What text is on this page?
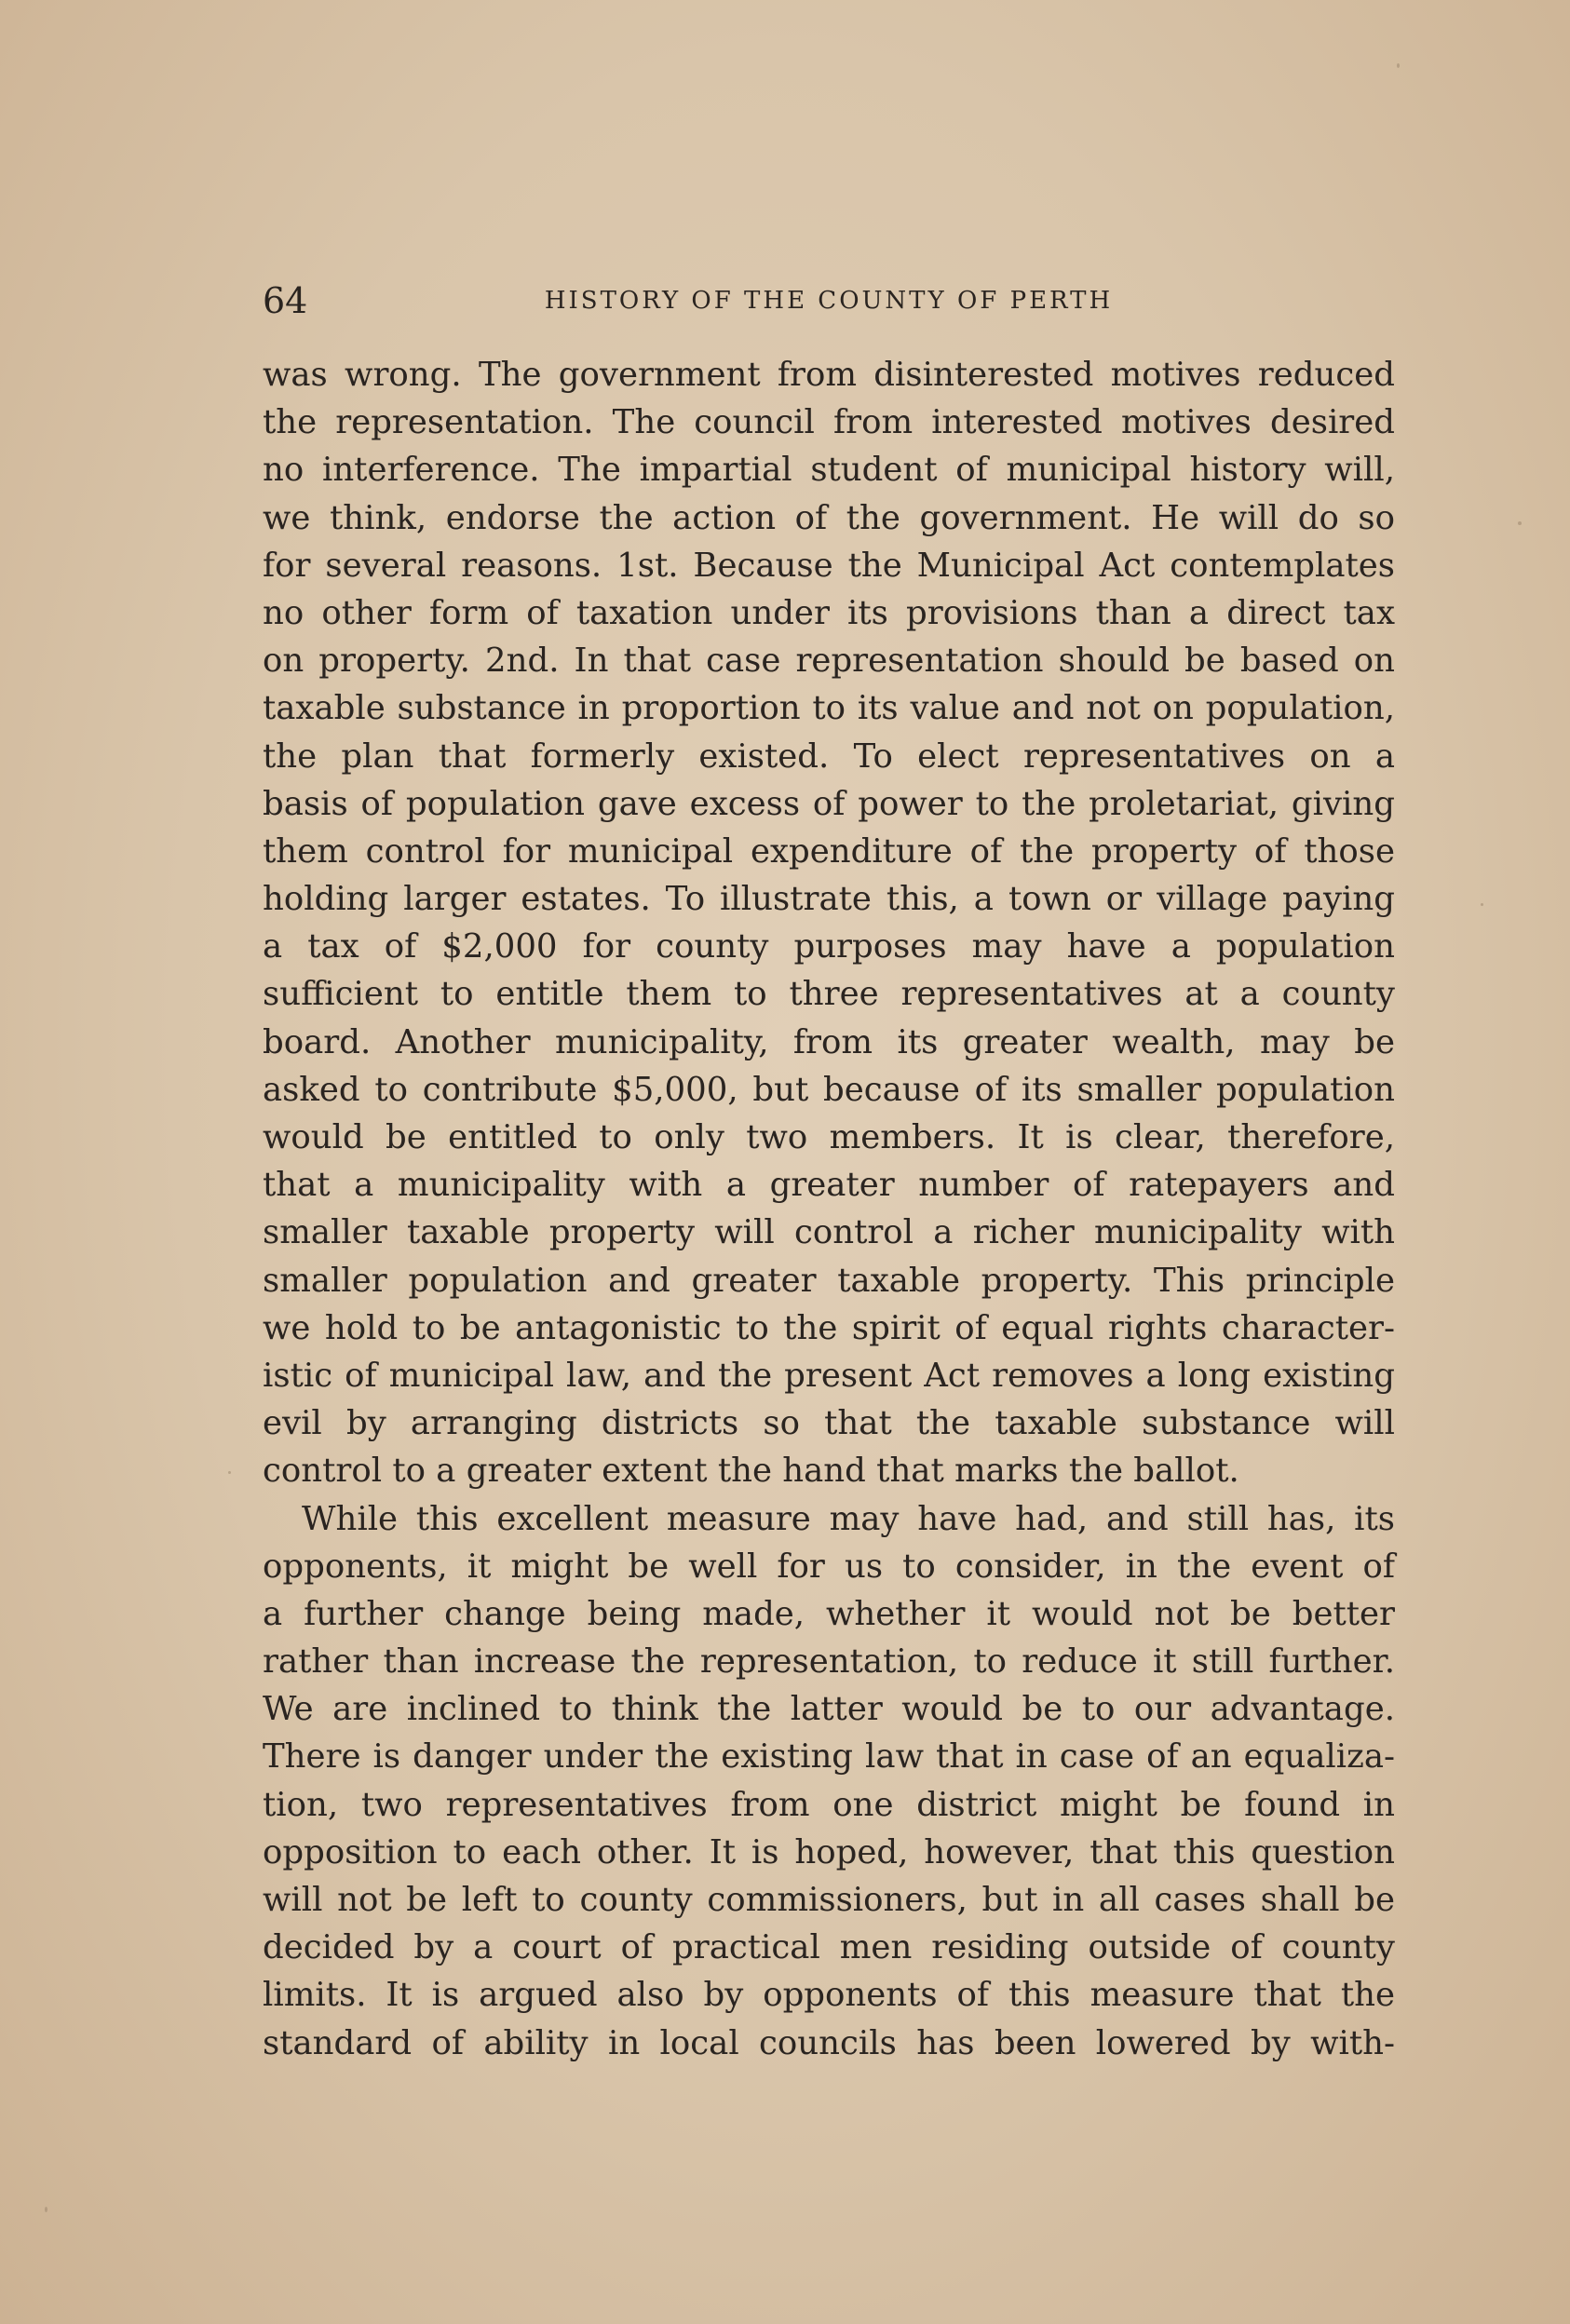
64	HISTORY OF THE COUNTY OF PERTH

was wrong. The government from disinterested motives reduced
the representation. The council from interested motives desired
no interference. The impartial student of municipal history will,
we think, endorse the action of the government. He will do so
for several reasons. 1st. Because the Municipal Act contemplates
no other form of taxation under its provisions than a direct tax
on property. 2nd. In that case representation should be based on
taxable substance in proportion to its value and not on population,
the plan that formerly existed. To elect representatives on a
basis of population gave excess of power to the proletariat, giving
them control for municipal expenditure of the property of those
holding larger estates. To illustrate this, a town or village paying
a tax of $2,000 for county purposes may have a population
sufficient to entitle them to three representatives at a county
board. Another municipality, from its greater wealth, may be
asked to contribute $5,000, but because of its smaller population
would be entitled to only two members. It is clear, therefore,
that a municipality with a greater number of ratepayers and
smaller taxable property will control a richer municipality with
smaller population and greater taxable property. This principle
we hold to be antagonistic to the spirit of equal rights character-
istic of municipal law, and the present Act removes a long existing
evil by arranging districts so that the taxable substance will
control to a greater extent the hand that marks the ballot.

While this excellent measure may have had, and still has, its
opponents, it might be well for us to consider, in the event of
a further change being made, whether it would not be better
rather than increase the representation, to reduce it still further.
We are inclined to think the latter would be to our advantage.
There is danger under the existing law that in case of an equaliza-
tion, two representatives from one district might be found in
opposition to each other. It is hoped, however, that this question
will not be left to county commissioners, but in all cases shall be
decided by a court of practical men residing outside of county
limits. It is argued also by opponents of this measure that the
standard of ability in local councils has been lowered by with-
